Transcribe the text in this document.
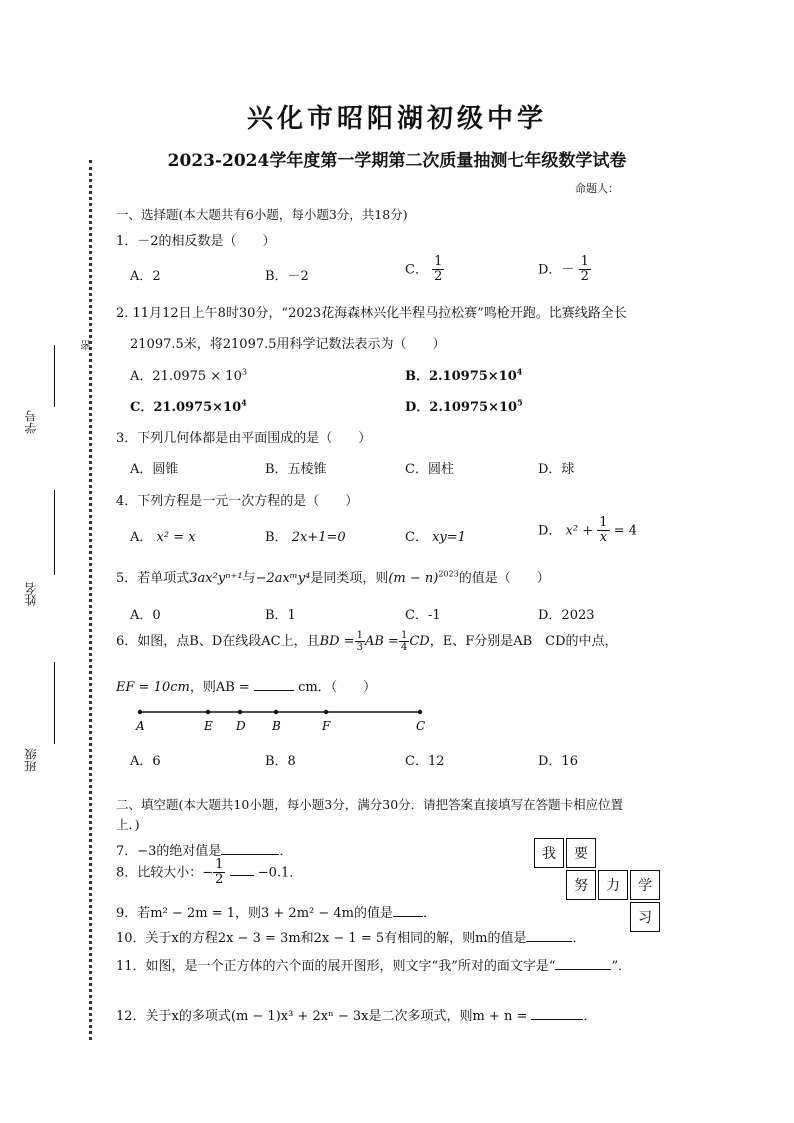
学号
姓名
班级
密
兴化市昭阳湖初级中学
2023-2024学年度第一学期第二次质量抽测七年级数学试卷
命题人：
一、选择题(本大题共有6小题，每小题3分，共18分)
1．－2的相反数是（　　）
A．2	B．－2	C． $\frac{1}{2}$	D．－ $\frac{1}{2}$
2. 11月12日上午8时30分，“2023花海森林兴化半程马拉松赛”鸣枪开跑。比赛线路全长
21097.5米，将21097.5用科学记数法表示为（　　）
A．$21.0975 \times 10^3$	B．$2.10975\times 10^4$
C．$21.0975\times 10^4$	D．$2.10975\times 10^5$
3．下列几何体都是由平面围成的是（　　）
A．圆锥	B．五棱锥	C．圆柱	D．球
4．下列方程是一元一次方程的是（　　）
A． x² = x	B． 2x+1=0	C． xy=1	D． $x^2 + \frac{1}{x} = 4$
5．若单项式3ax²yⁿ⁺¹与−2axᵐy⁴是同类项，则$(m - n)^{2023}$的值是（　　）
A．0	B．1	C．-1	D．2023
6．如图，点B、D在线段AC上，且BD = $\frac{1}{3}$ AB = $\frac{1}{4}$ CD，E、F分别是AB　CD的中点，
EF = 10cm，则AB =	cm．（　　）
A	E D B	F	C
A．6	B．8	C．12	D．16
二、填空题(本大题共10小题，每小题3分，满分30分．请把答案直接填写在答题卡相应位置
上．)
7．−3的绝对值是	．
8．比较大小：− $\frac{1}{2} -0.1$．
9．若m² − 2m = 1，则3 + 2m² − 4m的值是 ．
10．关于x的方程2x − 3 = 3m和2x − 1 = 5有相同的解，则m的值是	．
11．如图，是一个正方体的六个面的展开图形，则文字“我”所对的面文字是“	”．
12．关于x的多项式(m − 1)x³ + 2xⁿ − 3x是二次多项式，则m + n =	．
我	要
努	力	学
习
